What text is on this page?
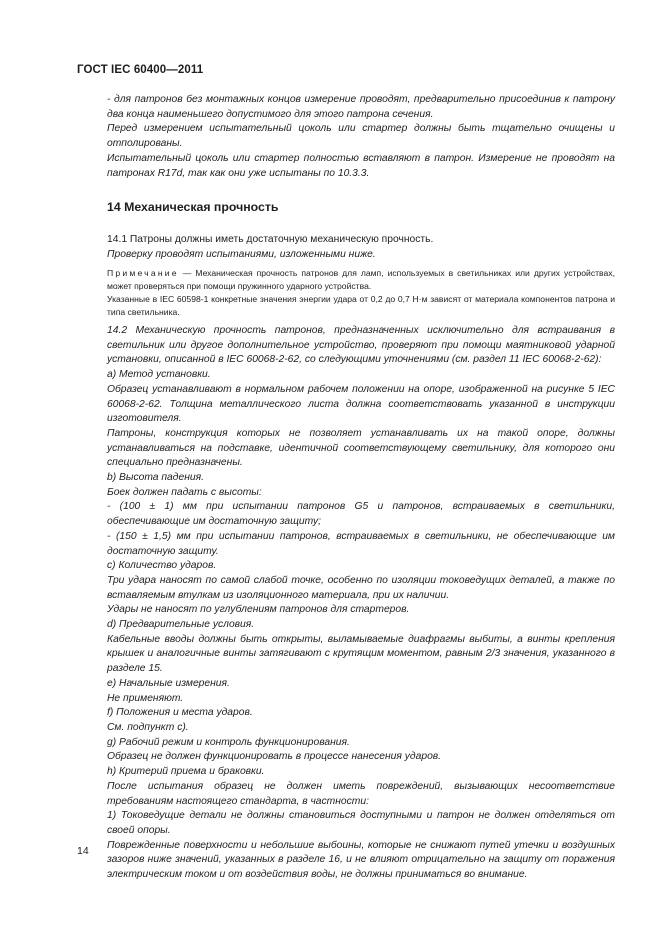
ГОСТ IEC 60400—2011

- для патронов без монтажных концов измерение проводят, предварительно присоединив к патрону два конца наименьшего допустимого для этого патрона сечения.

Перед измерением испытательный цоколь или стартер должны быть тщательно очищены и отполированы.

Испытательный цоколь или стартер полностью вставляют в патрон. Измерение не проводят на патронах R17d, так как они уже испытаны по 10.3.3.

14 Механическая прочность

14.1 Патроны должны иметь достаточную механическую прочность.

Проверку проводят испытаниями, изложенными ниже.

Примечание — Механическая прочность патронов для ламп, используемых в светильниках или других устройствах, может проверяться при помощи пружинного ударного устройства.

Указанные в IEC 60598-1 конкретные значения энергии удара от 0,2 до 0,7 Н·м зависят от материала компонентов патрона и типа светильника.

14.2 Механическую прочность патронов, предназначенных исключительно для встраивания в светильник или другое дополнительное устройство, проверяют при помощи маятниковой ударной установки, описанной в IEC 60068-2-62, со следующими уточнениями (см. раздел 11 IEC 60068-2-62):

a) Метод установки.

Образец устанавливают в нормальном рабочем положении на опоре, изображенной на рисунке 5 IEC 60068-2-62. Толщина металлического листа должна соответствовать указанной в инструкции изготовителя.

Патроны, конструкция которых не позволяет устанавливать их на такой опоре, должны устанавливаться на подставке, идентичной соответствующему светильнику, для которого они специально предназначены.

b) Высота падения.

Боек должен падать с высоты:

- (100 ± 1) мм при испытании патронов G5 и патронов, встраиваемых в светильники, обеспечивающие им достаточную защиту;

- (150 ± 1,5) мм при испытании патронов, встраиваемых в светильники, не обеспечивающие им достаточную защиту.

c) Количество ударов.

Три удара наносят по самой слабой точке, особенно по изоляции токоведущих деталей, а также по вставляемым втулкам из изоляционного материала, при их наличии.

Удары не наносят по углублениям патронов для стартеров.

d) Предварительные условия.

Кабельные вводы должны быть открыты, выламываемые диафрагмы выбиты, а винты крепления крышек и аналогичные винты затягивают с крутящим моментом, равным 2/3 значения, указанного в разделе 15.

e) Начальные измерения.

Не применяют.

f) Положения и места ударов.

См. подпункт c).

g) Рабочий режим и контроль функционирования.

Образец не должен функционировать в процессе нанесения ударов.

h) Критерий приема и браковки.

После испытания образец не должен иметь повреждений, вызывающих несоответствие требованиям настоящего стандарта, в частности:

1) Токоведущие детали не должны становиться доступными и патрон не должен отделяться от своей опоры.

Поврежденные поверхности и небольшие выбоины, которые не снижают путей утечки и воздушных зазоров ниже значений, указанных в разделе 16, и не влияют отрицательно на защиту от поражения электрическим током и от воздействия воды, не должны приниматься во внимание.

14
